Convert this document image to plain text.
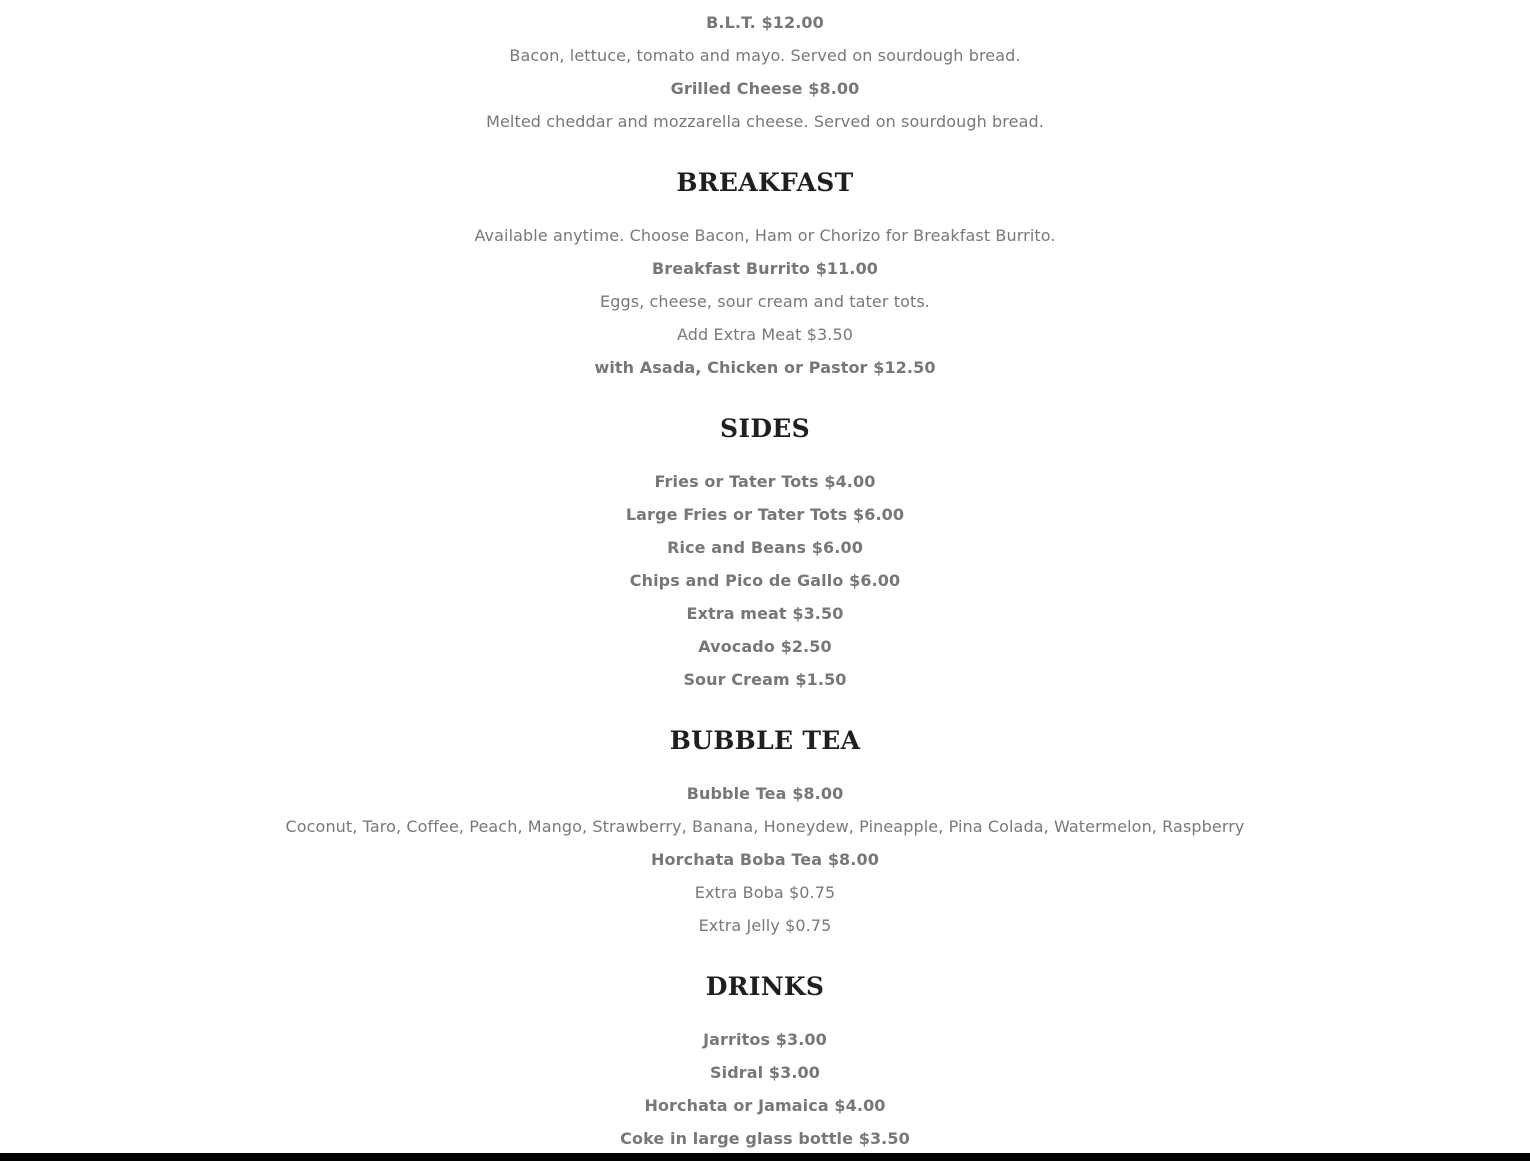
B.L.T. $12.00
Bacon, lettuce, tomato and mayo. Served on sourdough bread.
Grilled Cheese $8.00
Melted cheddar and mozzarella cheese. Served on sourdough bread.
BREAKFAST
Available anytime. Choose Bacon, Ham or Chorizo for Breakfast Burrito.
Breakfast Burrito $11.00
Eggs, cheese, sour cream and tater tots.
Add Extra Meat $3.50
with Asada, Chicken or Pastor $12.50
SIDES
Fries or Tater Tots $4.00
Large Fries or Tater Tots $6.00
Rice and Beans $6.00
Chips and Pico de Gallo $6.00
Extra meat $3.50
Avocado $2.50
Sour Cream $1.50
BUBBLE TEA
Bubble Tea $8.00
Coconut, Taro, Coffee, Peach, Mango, Strawberry, Banana, Honeydew, Pineapple, Pina Colada, Watermelon, Raspberry
Horchata Boba Tea $8.00
Extra Boba $0.75
Extra Jelly $0.75
DRINKS
Jarritos $3.00
Sidral $3.00
Horchata or Jamaica $4.00
Coke in large glass bottle $3.50
